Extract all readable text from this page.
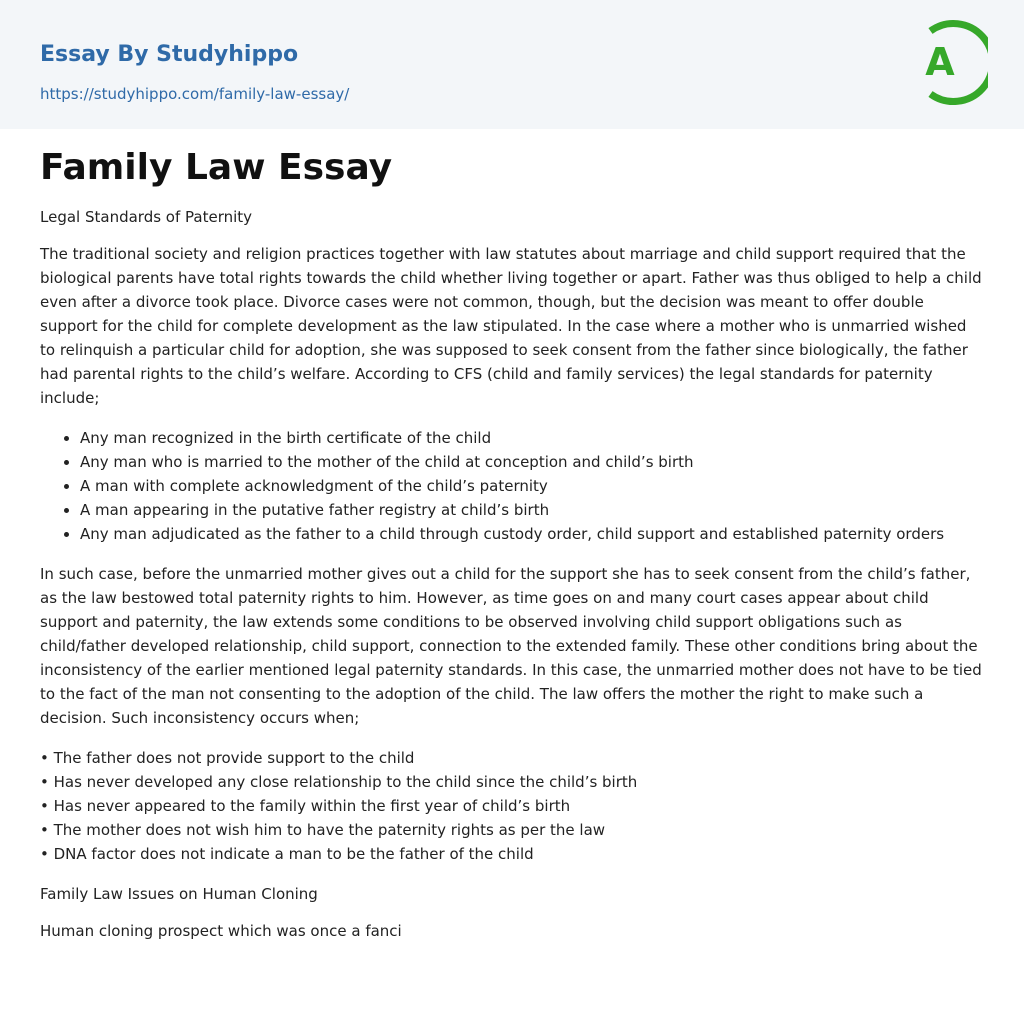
Essay By Studyhippo
https://studyhippo.com/family-law-essay/
A
Family Law Essay

Legal Standards of Paternity

The traditional society and religion practices together with law statutes about marriage and child support required that the biological parents have total rights towards the child whether living together or apart. Father was thus obliged to help a child even after a divorce took place. Divorce cases were not common, though, but the decision was meant to offer double support for the child for complete development as the law stipulated. In the case where a mother who is unmarried wished to relinquish a particular child for adoption, she was supposed to seek consent from the father since biologically, the father had parental rights to the child’s welfare. According to CFS (child and family services) the legal standards for paternity include;

• Any man recognized in the birth certificate of the child
• Any man who is married to the mother of the child at conception and child’s birth
• A man with complete acknowledgment of the child’s paternity
• A man appearing in the putative father registry at child’s birth
• Any man adjudicated as the father to a child through custody order, child support and established paternity orders

In such case, before the unmarried mother gives out a child for the support she has to seek consent from the child’s father, as the law bestowed total paternity rights to him. However, as time goes on and many court cases appear about child support and paternity, the law extends some conditions to be observed involving child support obligations such as child/father developed relationship, child support, connection to the extended family. These other conditions bring about the inconsistency of the earlier mentioned legal paternity standards. In this case, the unmarried mother does not have to be tied to the fact of the man not consenting to the adoption of the child. The law offers the mother the right to make such a decision. Such inconsistency occurs when;

• The father does not provide support to the child
• Has never developed any close relationship to the child since the child’s birth
• Has never appeared to the family within the first year of child’s birth
• The mother does not wish him to have the paternity rights as per the law
• DNA factor does not indicate a man to be the father of the child

Family Law Issues on Human Cloning

Human cloning prospect which was once a fanci
